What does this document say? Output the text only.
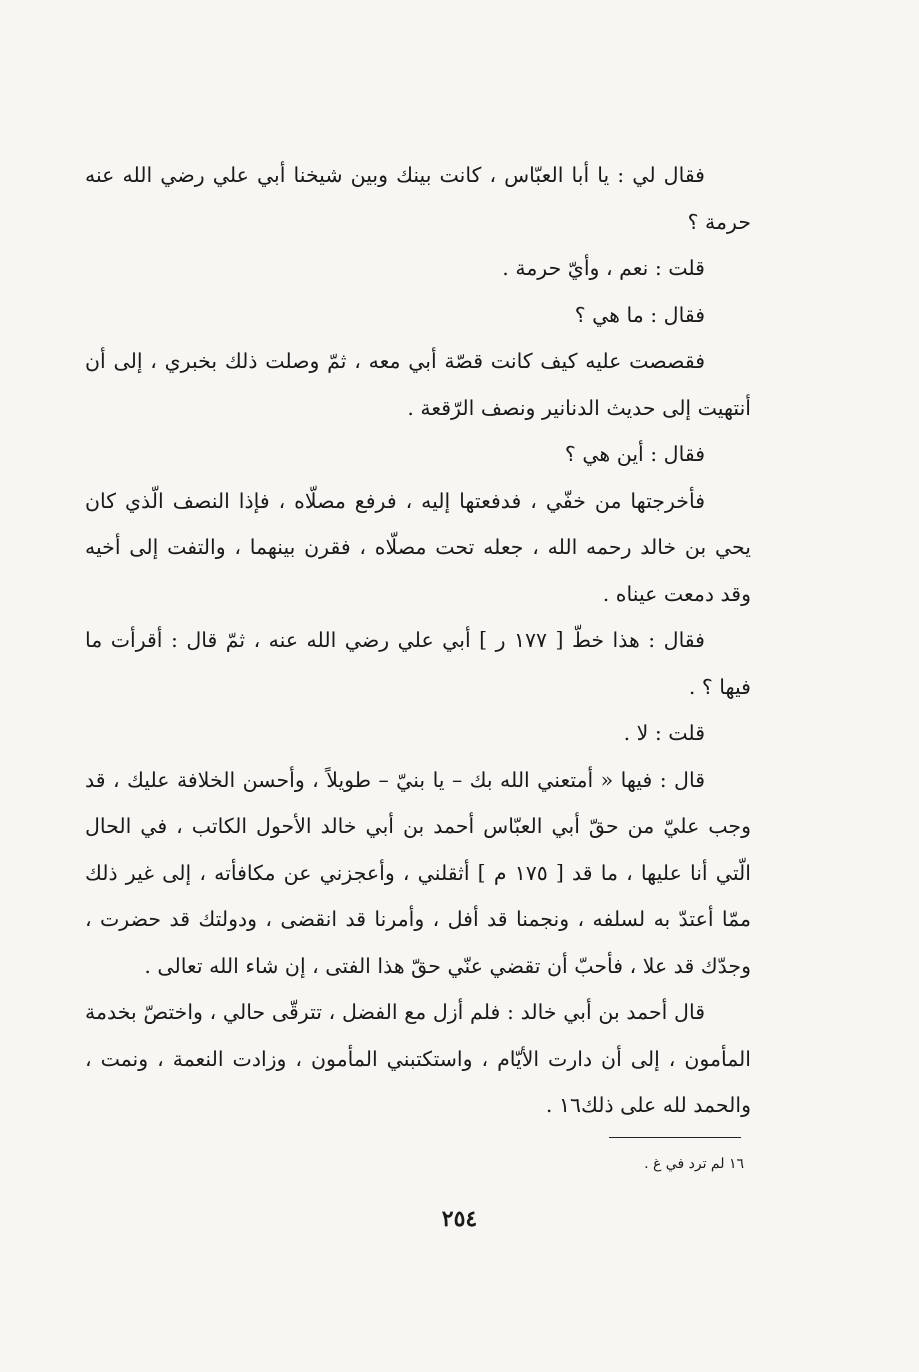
فقال لي : يا أبا العبّاس ، كانت بينك وبين شيخنا أبي علي رضي الله عنه حرمة ؟

قلت : نعم ، وأيّ حرمة .

فقال : ما هي ؟

فقصصت عليه كيف كانت قصّة أبي معه ، ثمّ وصلت ذلك بخبري ، إلى أن أنتهيت إلى حديث الدنانير ونصف الرّقعة .

فقال : أين هي ؟

فأخرجتها من خفّي ، فدفعتها إليه ، فرفع مصلّاه ، فإذا النصف الّذي كان يحي بن خالد رحمه الله ، جعله تحت مصلّاه ، فقرن بينهما ، والتفت إلى أخيه وقد دمعت عيناه .

فقال : هذا خطّ [ ١٧٧ ر ] أبي علي رضي الله عنه ، ثمّ قال : أقرأت ما فيها ؟ .

قلت : لا .

قال : فيها « أمتعني الله بك – يا بنيّ – طويلاً ، وأحسن الخلافة عليك ، قد وجب عليّ من حقّ أبي العبّاس أحمد بن أبي خالد الأحول الكاتب ، في الحال الّتي أنا عليها ، ما قد [ ١٧٥ م ] أثقلني ، وأعجزني عن مكافأته ، إلى غير ذلك ممّا أعتدّ به لسلفه ، ونجمنا قد أفل ، وأمرنا قد انقضى ، ودولتك قد حضرت ، وجدّك قد علا ، فأحبّ أن تقضي عنّي حقّ هذا الفتى ، إن شاء الله تعالى .

قال أحمد بن أبي خالد : فلم أزل مع الفضل ، تترقّى حالي ، واختصّ بخدمة المأمون ، إلى أن دارت الأيّام ، واستكتبني المأمون ، وزادت النعمة ، ونمت ، والحمد لله على ذلك١٦ .

١٦ لم ترد في غ .
٢٥٤
